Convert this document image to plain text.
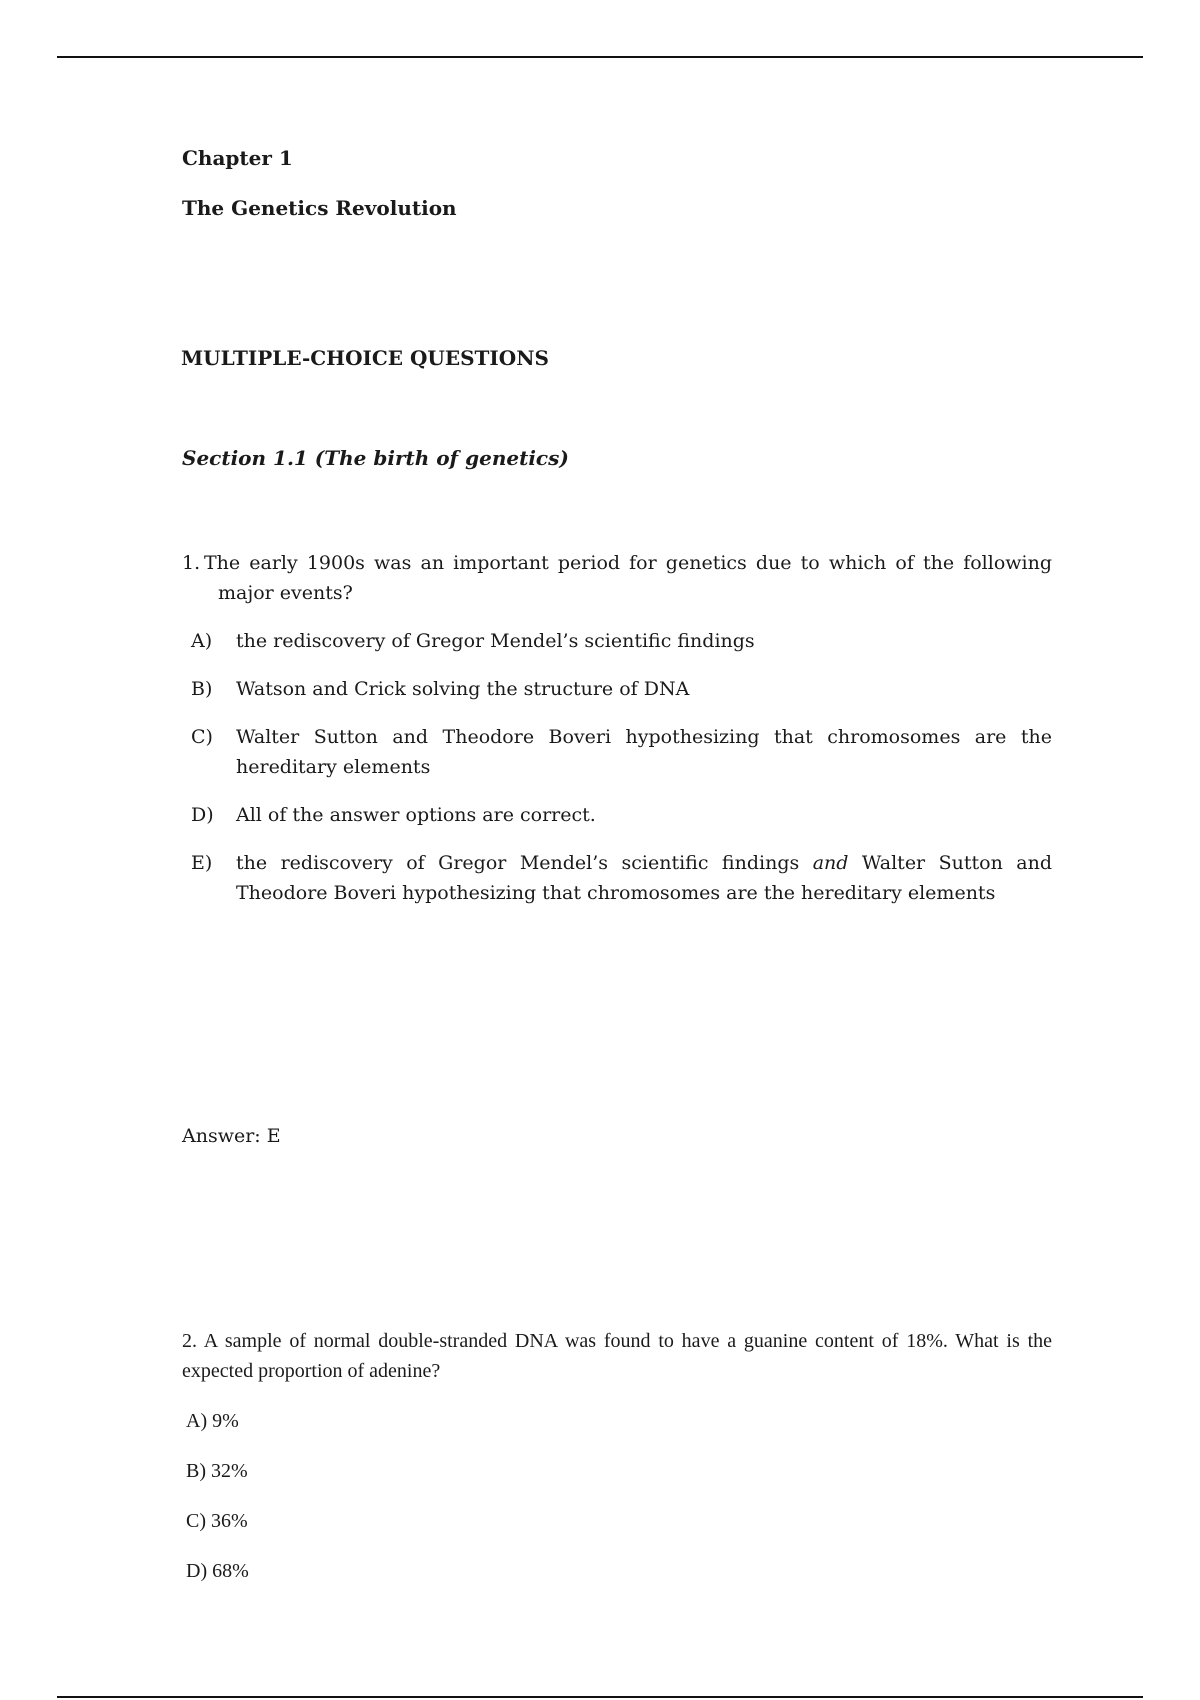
Chapter 1

The Genetics Revolution

MULTIPLE-CHOICE QUESTIONS

Section 1.1 (The birth of genetics)

1. The early 1900s was an important period for genetics due to which of the following major events?

A) the rediscovery of Gregor Mendel’s scientific findings
B) Watson and Crick solving the structure of DNA
C) Walter Sutton and Theodore Boveri hypothesizing that chromosomes are the hereditary elements
D) All of the answer options are correct.
E) the rediscovery of Gregor Mendel’s scientific findings and Walter Sutton and Theodore Boveri hypothesizing that chromosomes are the hereditary elements

Answer: E

2. A sample of normal double-stranded DNA was found to have a guanine content of 18%. What is the expected proportion of adenine?

A) 9%
B) 32%
C) 36%
D) 68%
